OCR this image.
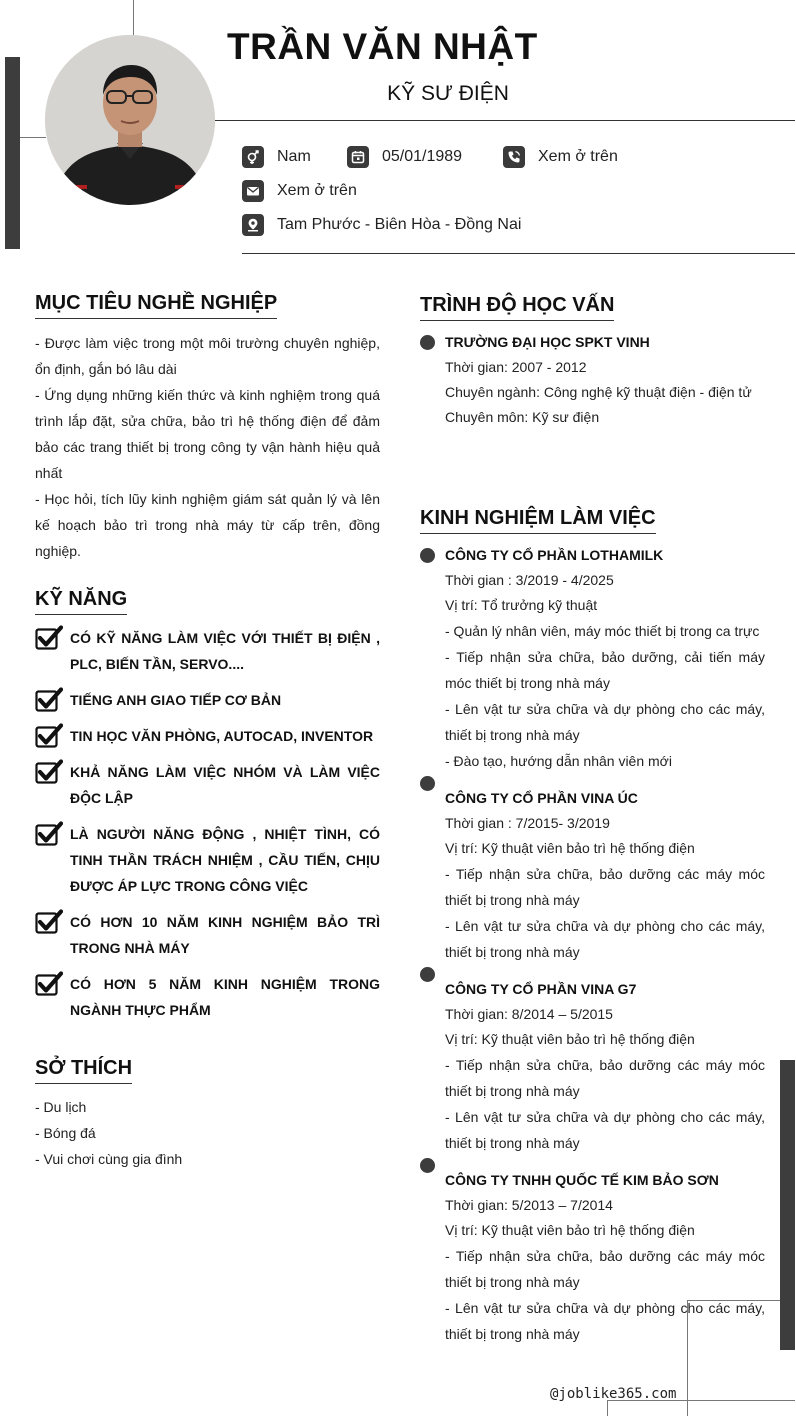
TRẦN VĂN NHẬT
KỸ SƯ ĐIỆN
Nam	05/01/1989	Xem ở trên
Xem ở trên
Tam Phước - Biên Hòa - Đồng Nai
MỤC TIÊU NGHỀ NGHIỆP
- Được làm việc trong một môi trường chuyên nghiệp, ổn định, gắn bó lâu dài
- Ứng dụng những kiến thức và kinh nghiệm trong quá trình lắp đặt, sửa chữa, bảo trì hệ thống điện để đảm bảo các trang thiết bị trong công ty vận hành hiệu quả nhất
- Học hỏi, tích lũy kinh nghiệm giám sát quản lý và lên kế hoạch bảo trì trong nhà máy từ cấp trên, đồng nghiệp.
KỸ NĂNG
CÓ KỸ NĂNG LÀM VIỆC VỚI THIẾT BỊ ĐIỆN , PLC, BIẾN TẦN, SERVO....
TIẾNG ANH GIAO TIẾP CƠ BẢN
TIN HỌC VĂN PHÒNG, AUTOCAD, INVENTOR
KHẢ NĂNG LÀM VIỆC NHÓM VÀ LÀM VIỆC ĐỘC LẬP
LÀ NGƯỜI NĂNG ĐỘNG , NHIỆT TÌNH, CÓ TINH THẦN TRÁCH NHIỆM , CẦU TIẾN, CHỊU ĐƯỢC ÁP LỰC TRONG CÔNG VIỆC
CÓ HƠN 10 NĂM KINH NGHIỆM BẢO TRÌ TRONG NHÀ MÁY
CÓ HƠN 5 NĂM KINH NGHIỆM TRONG NGÀNH THỰC PHẨM
SỞ THÍCH
- Du lịch
- Bóng đá
- Vui chơi cùng gia đình
TRÌNH ĐỘ HỌC VẤN
TRƯỜNG ĐẠI HỌC SPKT VINH
Thời gian: 2007 - 2012
Chuyên ngành: Công nghệ kỹ thuật điện - điện tử
Chuyên môn: Kỹ sư điện
KINH NGHIỆM LÀM VIỆC
CÔNG TY CỔ PHẦN LOTHAMILK
Thời gian : 3/2019 - 4/2025
Vị trí: Tổ trưởng kỹ thuật
- Quản lý nhân viên, máy móc thiết bị trong ca trực
- Tiếp nhận sửa chữa, bảo dưỡng, cải tiến máy móc thiết bị trong nhà máy
- Lên vật tư sửa chữa và dự phòng cho các máy, thiết bị trong nhà máy
- Đào tạo, hướng dẫn nhân viên mới
CÔNG TY CỔ PHẦN VINA ÚC
Thời gian : 7/2015- 3/2019
Vị trí: Kỹ thuật viên bảo trì hệ thống điện
- Tiếp nhận sửa chữa, bảo dưỡng các máy móc thiết bị trong nhà máy
- Lên vật tư sửa chữa và dự phòng cho các máy, thiết bị trong nhà máy
CÔNG TY CỔ PHẦN VINA G7
Thời gian: 8/2014 – 5/2015
Vị trí: Kỹ thuật viên bảo trì hệ thống điện
- Tiếp nhận sửa chữa, bảo dưỡng các máy móc thiết bị trong nhà máy
- Lên vật tư sửa chữa và dự phòng cho các máy, thiết bị trong nhà máy
CÔNG TY TNHH QUỐC TẾ KIM BẢO SƠN
Thời gian: 5/2013 – 7/2014
Vị trí: Kỹ thuật viên bảo trì hệ thống điện
- Tiếp nhận sửa chữa, bảo dưỡng các máy móc thiết bị trong nhà máy
- Lên vật tư sửa chữa và dự phòng cho các máy, thiết bị trong nhà máy
@joblike365.com
